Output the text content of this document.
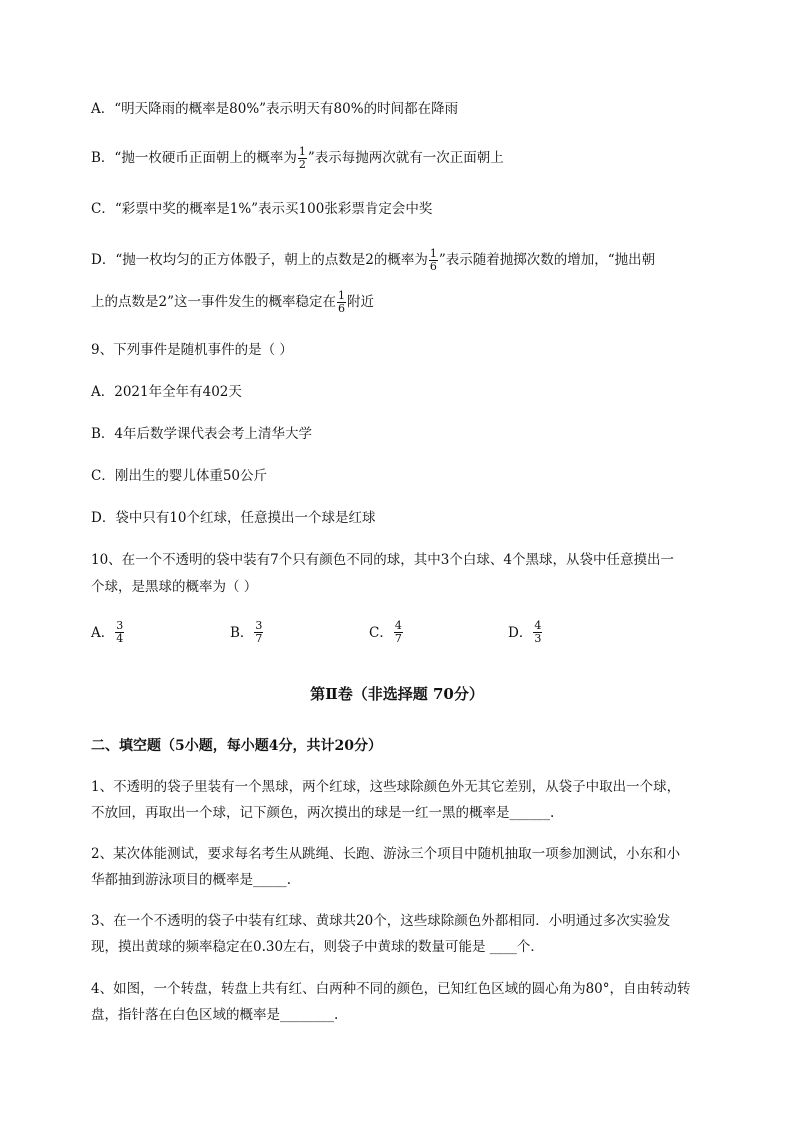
A．“明天降雨的概率是80%”表示明天有80%的时间都在降雨
B．“抛一枚硬币正面朝上的概率为 $\frac{1}{2}$ ”表示每抛两次就有一次正面朝上
C．“彩票中奖的概率是1%”表示买100张彩票肯定会中奖
D．“抛一枚均匀的正方体骰子，朝上的点数是2的概率为 $\frac{1}{6}$ ”表示随着抛掷次数的增加，“抛出朝
上的点数是2”这一事件发生的概率稳定在 $\frac{1}{6}$ 附近
9、下列事件是随机事件的是（ ）
A．2021年全年有402天
B．4年后数学课代表会考上清华大学
C．刚出生的婴儿体重50公斤
D．袋中只有10个红球，任意摸出一个球是红球
10、在一个不透明的袋中装有7个只有颜色不同的球，其中3个白球、4个黑球，从袋中任意摸出一
个球，是黑球的概率为（ ）
A． $\frac{3}{4}$	B． $\frac{3}{7}$	C． $\frac{4}{7}$	D． $\frac{4}{3}$
第Ⅱ卷（非选择题 70分）
二、填空题（5小题，每小题4分，共计20分）
1、不透明的袋子里装有一个黑球，两个红球，这些球除颜色外无其它差别，从袋子中取出一个球，
不放回，再取出一个球，记下颜色，两次摸出的球是一红一黑的概率是______.
2、某次体能测试，要求每名考生从跳绳、长跑、游泳三个项目中随机抽取一项参加测试，小东和小
华都抽到游泳项目的概率是_____.
3、在一个不透明的袋子中装有红球、黄球共20个，这些球除颜色外都相同．小明通过多次实验发
现，摸出黄球的频率稳定在0.30左右，则袋子中黄球的数量可能是 ____个．
4、如图，一个转盘，转盘上共有红、白两种不同的颜色，已知红色区域的圆心角为80°，自由转动转
盘，指针落在白色区域的概率是________.
